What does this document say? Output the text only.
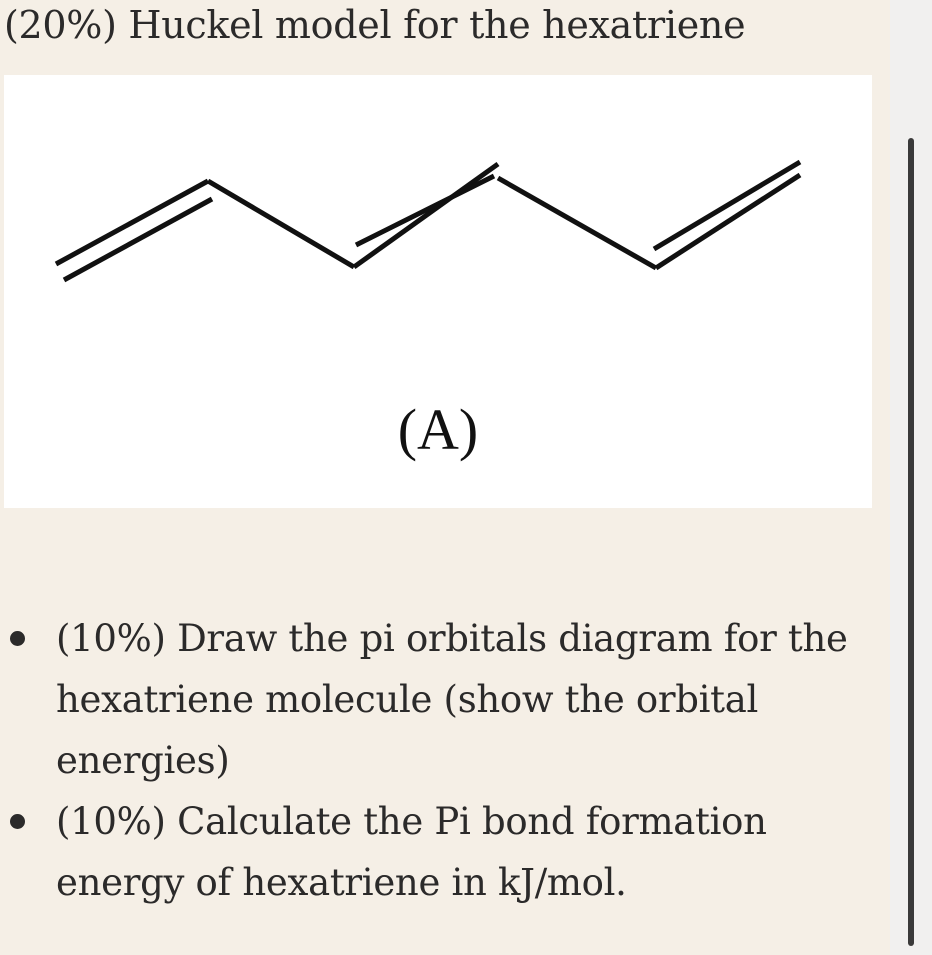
(20%) Huckel model for the hexatriene
(A)
(10%) Draw the pi orbitals diagram for the hexatriene molecule (show the orbital energies)
(10%) Calculate the Pi bond formation energy of hexatriene in kJ/mol.
